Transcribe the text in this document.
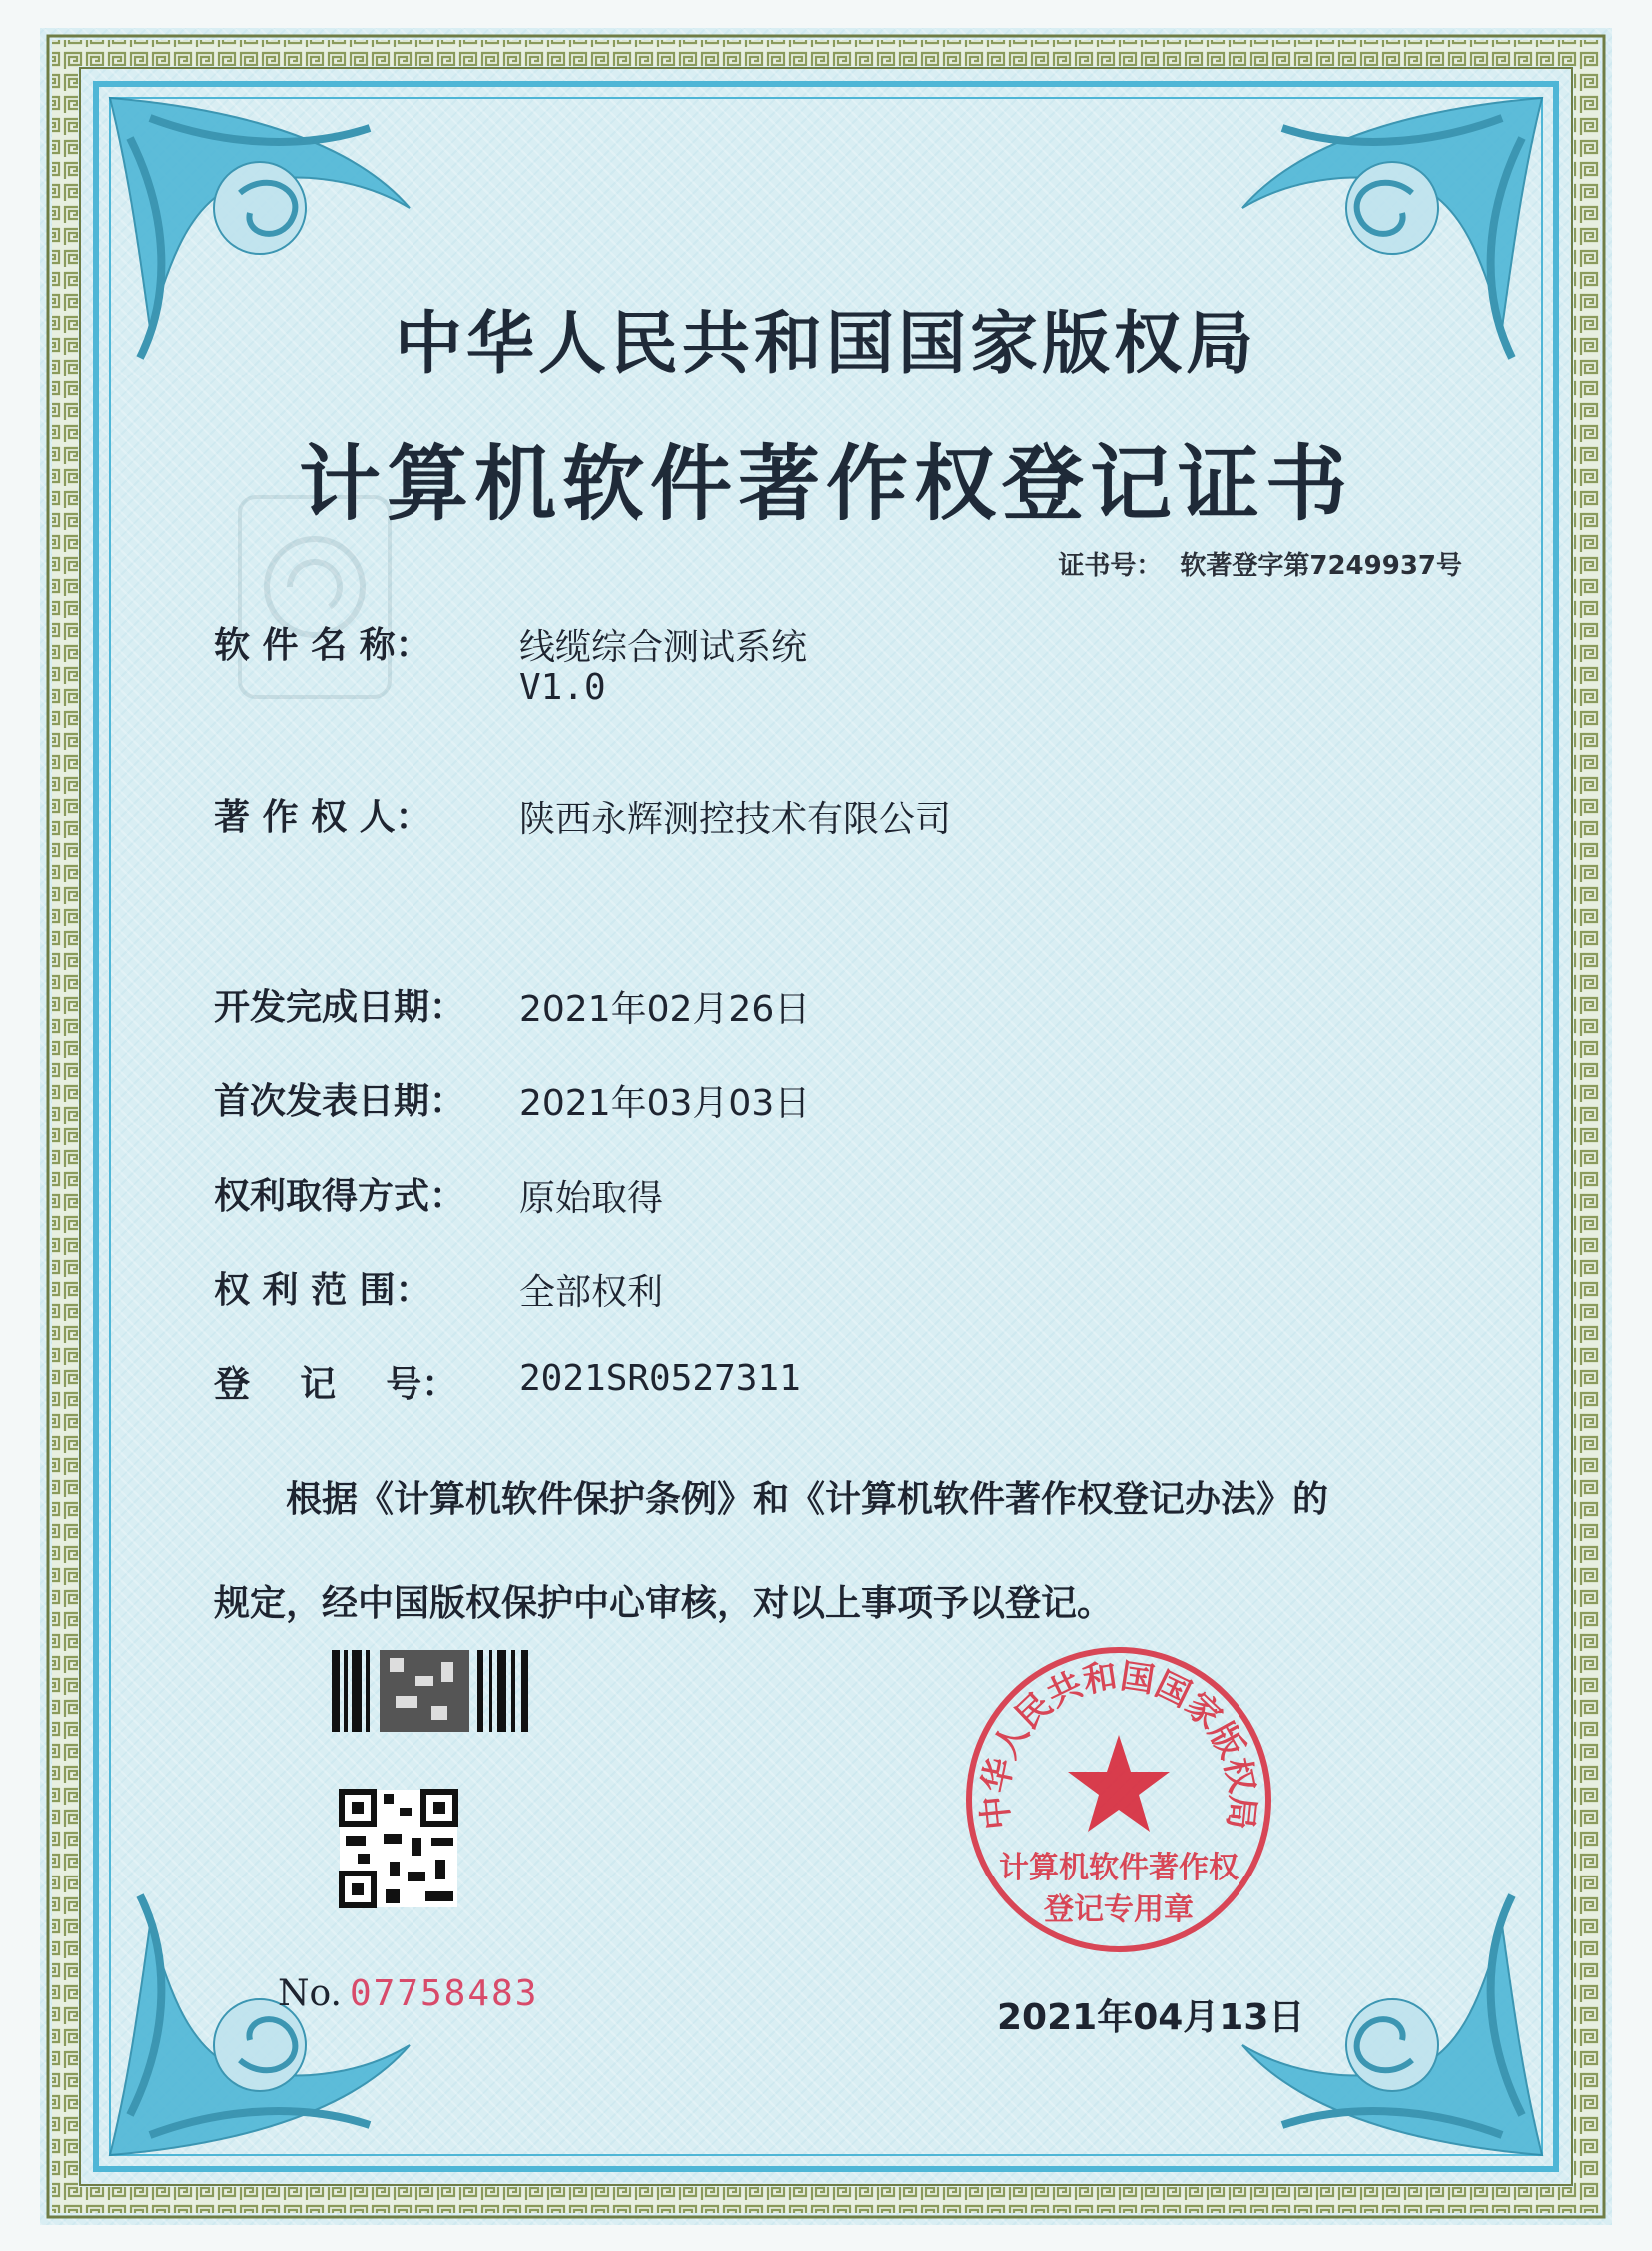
中华人民共和国国家版权局
计算机软件著作权登记证书
证书号： 软著登字第7249937号
软 件 名 称： 线缆综合测试系统
V1.0
著 作 权 人： 陕西永辉测控技术有限公司
开发完成日期： 2021年02月26日
首次发表日期： 2021年03月03日
权利取得方式： 原始取得
权 利 范 围： 全部权利
登    记    号： 2021SR0527311
根据《计算机软件保护条例》和《计算机软件著作权登记办法》的
规定，经中国版权保护中心审核，对以上事项予以登记。
No. 07758483
中华人民共和国国家版权局
计算机软件著作权
登记专用章
2021年04月13日
